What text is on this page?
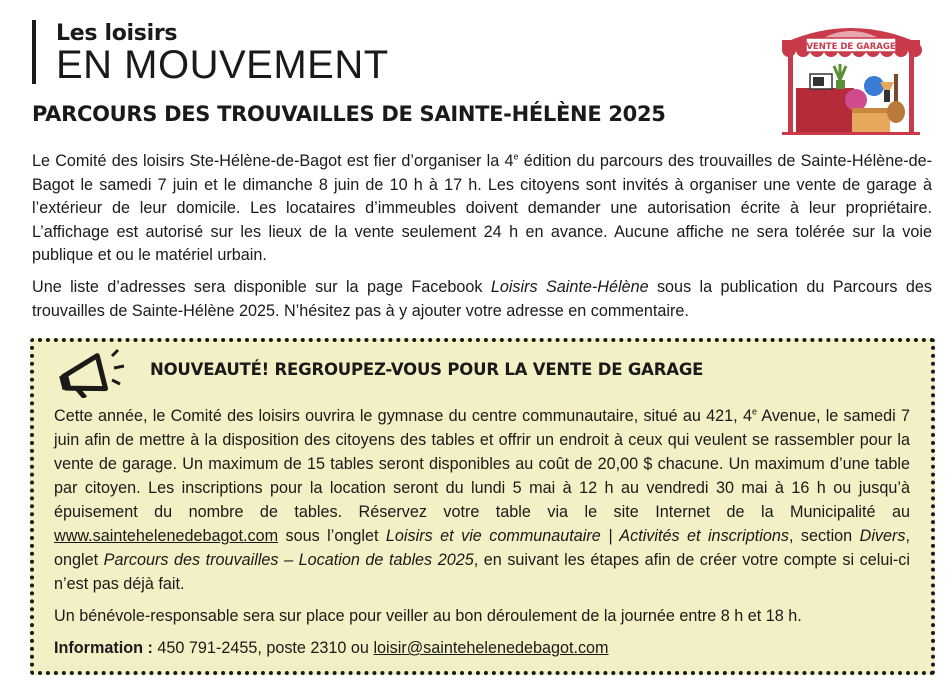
Les loisirs
EN MOUVEMENT	VENTE DE GARAGE
PARCOURS DES TROUVAILLES DE SAINTE-HÉLÈNE 2025

Le Comité des loisirs Ste-Hélène-de-Bagot est fier d’organiser la 4e édition du parcours des trouvailles de Sainte-Hélène-de-Bagot le samedi 7 juin et le dimanche 8 juin de 10 h à 17 h. Les citoyens sont invités à organiser une vente de garage à l’extérieur de leur domicile. Les locataires d’immeubles doivent demander une autorisation écrite à leur propriétaire. L’affichage est autorisé sur les lieux de la vente seulement 24 h en avance. Aucune affiche ne sera tolérée sur la voie publique et ou le matériel urbain.

Une liste d’adresses sera disponible sur la page Facebook Loisirs Sainte-Hélène sous la publication du Parcours des trouvailles de Sainte-Hélène 2025. N’hésitez pas à y ajouter votre adresse en commentaire.

NOUVEAUTÉ! REGROUPEZ-VOUS POUR LA VENTE DE GARAGE

Cette année, le Comité des loisirs ouvrira le gymnase du centre communautaire, situé au 421, 4e Avenue, le samedi 7 juin afin de mettre à la disposition des citoyens des tables et offrir un endroit à ceux qui veulent se rassembler pour la vente de garage. Un maximum de 15 tables seront disponibles au coût de 20,00 $ chacune. Un maximum d’une table par citoyen. Les inscriptions pour la location seront du lundi 5 mai à 12 h au vendredi 30 mai à 16 h ou jusqu’à épuisement du nombre de tables. Réservez votre table via le site Internet de la Municipalité au www.saintehelenedebagot.com sous l’onglet Loisirs et vie communautaire | Activités et inscriptions, section Divers, onglet Parcours des trouvailles – Location de tables 2025, en suivant les étapes afin de créer votre compte si celui-ci n’est pas déjà fait.

Un bénévole-responsable sera sur place pour veiller au bon déroulement de la journée entre 8 h et 18 h.

Information : 450 791-2455, poste 2310 ou loisir@saintehelenedebagot.com
